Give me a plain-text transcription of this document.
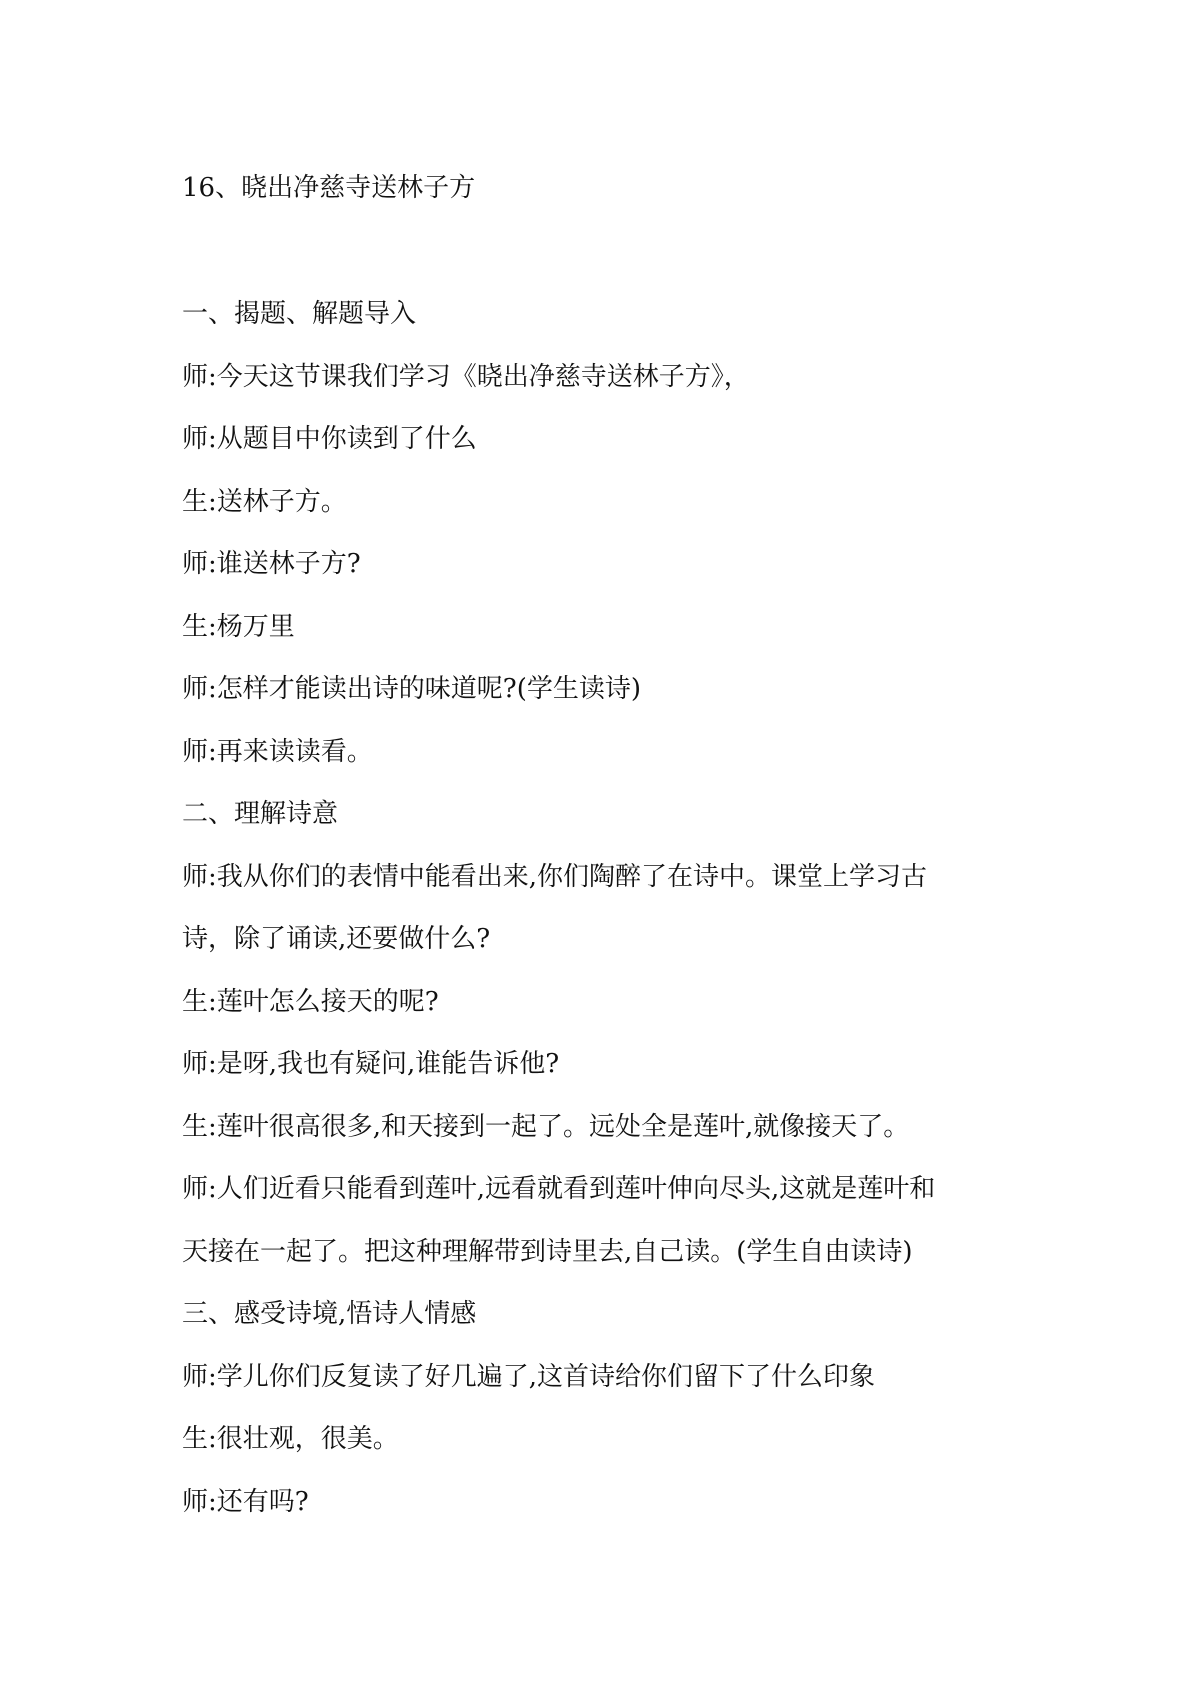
16、晓出净慈寺送林子方
一、揭题、解题导入
师:今天这节课我们学习《晓出净慈寺送林子方》，
师:从题目中你读到了什么
生:送林子方。
师:谁送林子方?
生:杨万里
师:怎样才能读出诗的味道呢?(学生读诗)
师:再来读读看。
二、理解诗意
师:我从你们的表情中能看出来,你们陶醉了在诗中。课堂上学习古
诗，除了诵读,还要做什么?
生:莲叶怎么接天的呢?
师:是呀,我也有疑问,谁能告诉他?
生:莲叶很高很多,和天接到一起了。远处全是莲叶,就像接天了。
师:人们近看只能看到莲叶,远看就看到莲叶伸向尽头,这就是莲叶和
天接在一起了。把这种理解带到诗里去,自己读。(学生自由读诗)
三、感受诗境,悟诗人情感
师:学儿你们反复读了好几遍了,这首诗给你们留下了什么印象
生:很壮观，很美。
师:还有吗?
